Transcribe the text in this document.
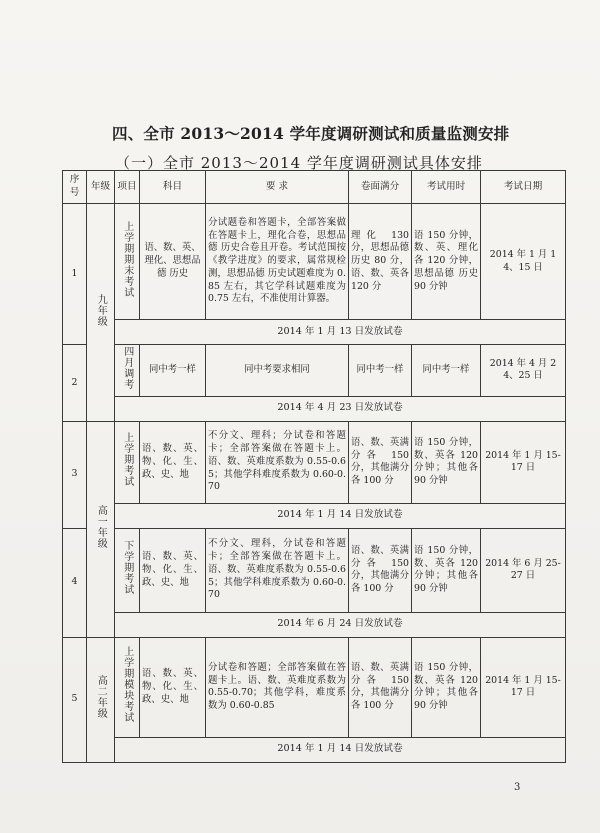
四、全市 2013～2014 学年度调研测试和质量监测安排
（一）全市 2013～2014 学年度调研测试具体安排
序号	年级	项目	科目	要 求	卷面满分	考试用时	考试日期
1	九年级	上学期期末考试	语、数、英、理化、思想品德 历史	分试题卷和答题卡，全部答案做在答题卡上，理化合卷，思想品德 历史合卷且开卷。考试范围按《教学进度》的要求，属常规检测，思想品德 历史试题难度为 0.85 左右，其它学科试题难度为 0.75 左右，不准使用计算器。	理化 130 分，思想品德 历史 80 分，语、数、英各 120 分	语 150 分钟，数、英、理化各 120 分钟，思想品德 历史 90 分钟	2014 年 1 月 14、15 日
		2014 年 1 月 13 日发放试卷					
2		四月调考	同中考一样	同中考要求相同	同中考一样	同中考一样	2014 年 4 月 24、25 日
		2014 年 4 月 23 日发放试卷					
3	高一年级	上学期考试	语、数、英、物、化、生、政、史、地	不分文、理科；分试卷和答题卡；全部答案做在答题卡上。语、数、英难度系数为 0.55-0.65；其他学科难度系数为 0.60-0.70	语、数、英满分各 150 分，其他满分各 100 分	语 150 分钟，数、英各 120 分钟；其他各 90 分钟	2014 年 1 月 15-17 日
		2014 年 1 月 14 日发放试卷					
4		下学期考试	语、数、英、物、化、生、政、史、地	不分文、理科，分试卷和答题卡；全部答案做在答题卡上。语、数、英难度系数为 0.55-0.65；其他学科难度系数为 0.60-0.70	语、数、英满分各 150 分，其他满分各 100 分	语 150 分钟，数、英各 120 分钟；其他各 90 分钟	2014 年 6 月 25-27 日
		2014 年 6 月 24 日发放试卷					
5	高二年级	上学期模块考试	语、数、英、物、化、生、政、史、地	分试卷和答题；全部答案做在答题卡上。语、数、英难度系数为 0.55-0.70；其他学科，难度系数为 0.60-0.85	语、数、英满分各 150 分，其他满分各 100 分	语 150 分钟，数、英各 120 分钟；其他各 90 分钟	2014 年 1 月 15-17 日
		2014 年 1 月 14 日发放试卷					
3
